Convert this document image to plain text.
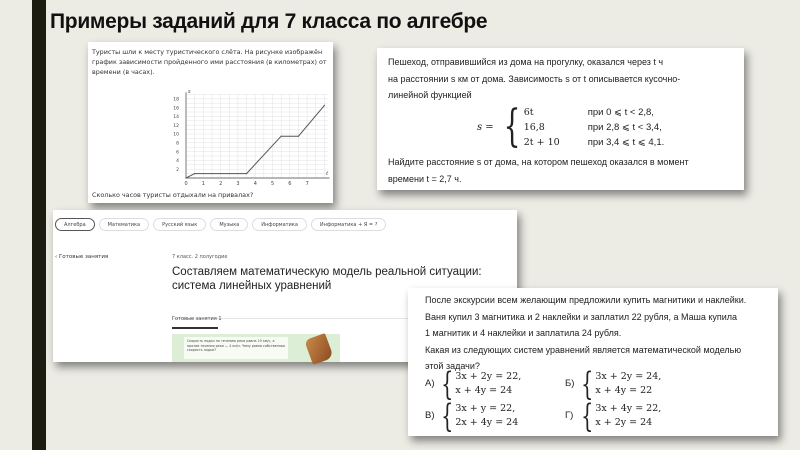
Примеры заданий для 7 класса по алгебре
Туристы шли к месту туристического слёта. На рисунке изображён график зависимости пройденного ими расстояния (в километрах) от времени (в часах).
0	1	2	3	4	5	6	7
2
4
6
8
10
12
14
16
18
t
s
Сколько часов туристы отдыхали на привалах?
Пешеход, отправившийся из дома на прогулку, оказался через t ч
на расстоянии s км от дома. Зависимость s от t описывается кусочно-
линейной функцией
s = { 6t	при 0 ⩽ t < 2,8,
16,8	при 2,8 ⩽ t < 3,4,
2t + 10	при 3,4 ⩽ t ⩽ 4,1.
Найдите расстояние s от дома, на котором пешеход оказался в момент
времени t = 2,7 ч.
Алгебра	Математика	Русский язык	Музыка	Информатика	Информатика + Я = ?
‹ Готовые занятия	7 класс. 2 полугодие
Составляем математическую модель реальной ситуации: система линейных уравнений
Готовые занятия 1
Скорость лодки по течению реки равна 19 км/ч, а против течения реки — 4 км/ч. Чему равна собственная скорость лодки?
После экскурсии всем желающим предложили купить магнитики и наклейки.
Ваня купил 3 магнитика и 2 наклейки и заплатил 22 рубля, а Маша купила
1 магнитик и 4 наклейки и заплатила 24 рубля.
Какая из следующих систем уравнений является математической моделью
этой задачи?
А) { 3x + 2y = 22,
x + 4y = 24
Б) { 3x + 2y = 24,
x + 4y = 22
В) { 3x + y = 22,
2x + 4y = 24
Г) { 3x + 4y = 22,
x + 2y = 24
